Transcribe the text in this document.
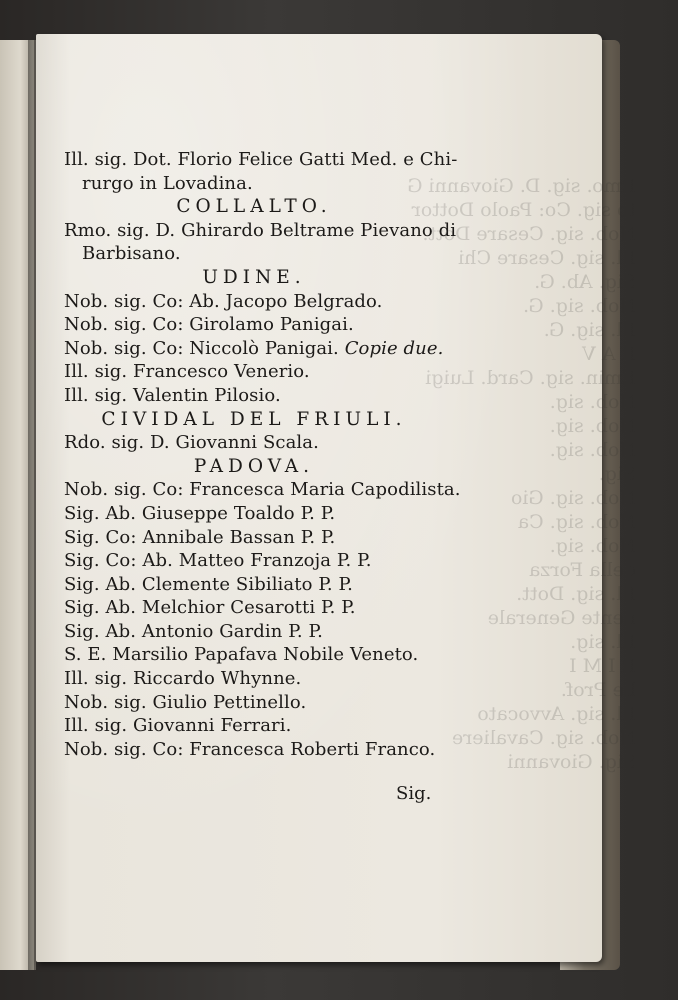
Rmo. sig. D. Giovanni G
to sig. Co: Paolo Dottor
Nob. sig. Cesare Dott.
Ill. sig. Cesare Chi
Sig. Ab. G.
Nob. sig. G.
Ill. sig. G.
R A V
Emin. sig. Card. Luigi
Nob. sig.
Nob. sig.
Nob. sig.
Sig.
Nob. sig. Gio
Nob. sig. Ca
Nob. sig.
della Forza
Ill. sig. Dott.
nente Generale
Ill. sig.
R I M I
be Prof.
Ill. sig. Avvocato
Nob. sig. Cavaliere
Sig. Giovanni
Ill. sig. Dot. Florio Felice Gatti Med. e Chi-
rurgo in Lovadina.
COLLALTO.
Rmo. sig. D. Ghirardo Beltrame Pievano di
Barbisano.
UDINE.
Nob. sig. Co: Ab. Jacopo Belgrado.
Nob. sig. Co: Girolamo Panigai.
Nob. sig. Co: Niccolò Panigai. Copie due.
Ill. sig. Francesco Venerio.
Ill. sig. Valentin Pilosio.
CIVIDAL DEL FRIULI.
Rdo. sig. D. Giovanni Scala.
PADOVA.
Nob. sig. Co: Francesca Maria Capodilista.
Sig. Ab. Giuseppe Toaldo P. P.
Sig. Co: Annibale Bassan P. P.
Sig. Co: Ab. Matteo Franzoja P. P.
Sig. Ab. Clemente Sibiliato P. P.
Sig. Ab. Melchior Cesarotti P. P.
Sig. Ab. Antonio Gardin P. P.
S. E. Marsilio Papafava Nobile Veneto.
Ill. sig. Riccardo Whynne.
Nob. sig. Giulio Pettinello.
Ill. sig. Giovanni Ferrari.
Nob. sig. Co: Francesca Roberti Franco.
Sig.
